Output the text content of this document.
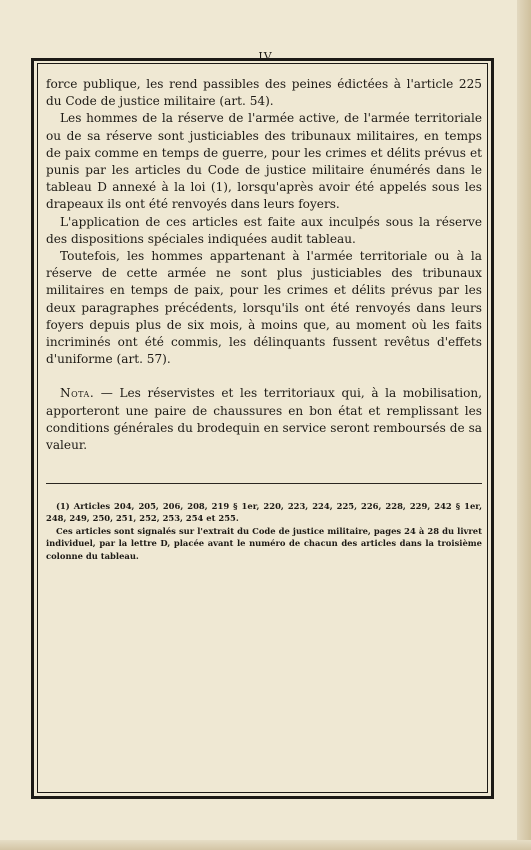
IV

force publique, les rend passibles des peines édictées à l'article 225 du Code de justice militaire (art. 54).

Les hommes de la réserve de l'armée active, de l'armée territoriale ou de sa réserve sont justiciables des tribunaux militaires, en temps de paix comme en temps de guerre, pour les crimes et délits prévus et punis par les articles du Code de justice militaire énumérés dans le tableau D annexé à la loi (1), lorsqu'après avoir été appelés sous les drapeaux ils ont été renvoyés dans leurs foyers.

L'application de ces articles est faite aux inculpés sous la réserve des dispositions spéciales indiquées audit tableau.

Toutefois, les hommes appartenant à l'armée territoriale ou à la réserve de cette armée ne sont plus justiciables des tribunaux militaires en temps de paix, pour les crimes et délits prévus par les deux paragraphes précédents, lorsqu'ils ont été renvoyés dans leurs foyers depuis plus de six mois, à moins que, au moment où les faits incriminés ont été commis, les délinquants fussent revêtus d'effets d'uniforme (art. 57).

Nota. — Les réservistes et les territoriaux qui, à la mobilisation, apporteront une paire de chaussures en bon état et remplissant les conditions générales du brodequin en service seront remboursés de sa valeur.

(1) Articles 204, 205, 206, 208, 219 § 1er, 220, 223, 224, 225, 226, 228, 229, 242 § 1er, 248, 249, 250, 251, 252, 253, 254 et 255.

Ces articles sont signalés sur l'extrait du Code de justice militaire, pages 24 à 28 du livret individuel, par la lettre D, placée avant le numéro de chacun des articles dans la troisième colonne du tableau.
